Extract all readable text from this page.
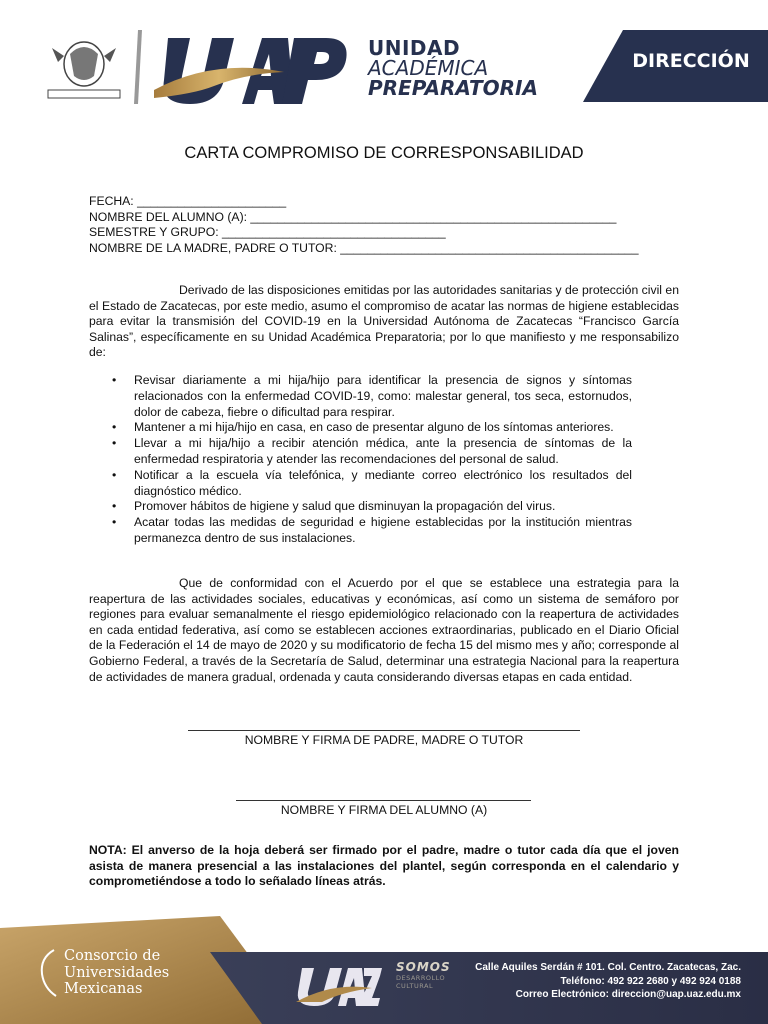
UNIDAD
ACADÉMICA
PREPARATORIA
DIRECCIÓN
CARTA COMPROMISO DE CORRESPONSABILIDAD
FECHA: ______________________
NOMBRE DEL ALUMNO (A): ______________________________________________________
SEMESTRE Y GRUPO: _________________________________
NOMBRE DE LA MADRE, PADRE O TUTOR: ____________________________________________
Derivado de las disposiciones emitidas por las autoridades sanitarias y de protección civil en el Estado de Zacatecas, por este medio, asumo el compromiso de acatar las normas de higiene establecidas para evitar la transmisión del COVID-19 en la Universidad Autónoma de Zacatecas “Francisco García Salinas”, específicamente en su Unidad Académica Preparatoria; por lo que manifiesto y me responsabilizo de:
• Revisar diariamente a mi hija/hijo para identificar la presencia de signos y síntomas relacionados con la enfermedad COVID-19, como: malestar general, tos seca, estornudos, dolor de cabeza, fiebre o dificultad para respirar.
• Mantener a mi hija/hijo en casa, en caso de presentar alguno de los síntomas anteriores.
• Llevar a mi hija/hijo a recibir atención médica, ante la presencia de síntomas de la enfermedad respiratoria y atender las recomendaciones del personal de salud.
• Notificar a la escuela vía telefónica, y mediante correo electrónico los resultados del diagnóstico médico.
• Promover hábitos de higiene y salud que disminuyan la propagación del virus.
• Acatar todas las medidas de seguridad e higiene establecidas por la institución mientras permanezca dentro de sus instalaciones.
Que de conformidad con el Acuerdo por el que se establece una estrategia para la reapertura de las actividades sociales, educativas y económicas, así como un sistema de semáforo por regiones para evaluar semanalmente el riesgo epidemiológico relacionado con la reapertura de actividades en cada entidad federativa, así como se establecen acciones extraordinarias, publicado en el Diario Oficial de la Federación el 14 de mayo de 2020 y su modificatorio de fecha 15 del mismo mes y año; corresponde al Gobierno Federal, a través de la Secretaría de Salud, determinar una estrategia Nacional para la reapertura de actividades de manera gradual, ordenada y cauta considerando diversas etapas en cada entidad.
NOMBRE Y FIRMA DE PADRE, MADRE O TUTOR
NOMBRE Y FIRMA DEL ALUMNO (A)
NOTA: El anverso de la hoja deberá ser firmado por el padre, madre o tutor cada día que el joven asista de manera presencial a las instalaciones del plantel, según corresponda en el calendario y comprometiéndose a todo lo señalado líneas atrás.
Consorcio de
Universidades
Mexicanas
SOMOS
DESARROLLO
CULTURAL
Calle Aquiles Serdán # 101. Col. Centro. Zacatecas, Zac.
Teléfono: 492 922 2680 y 492 924 0188
Correo Electrónico: direccion@uap.uaz.edu.mx
